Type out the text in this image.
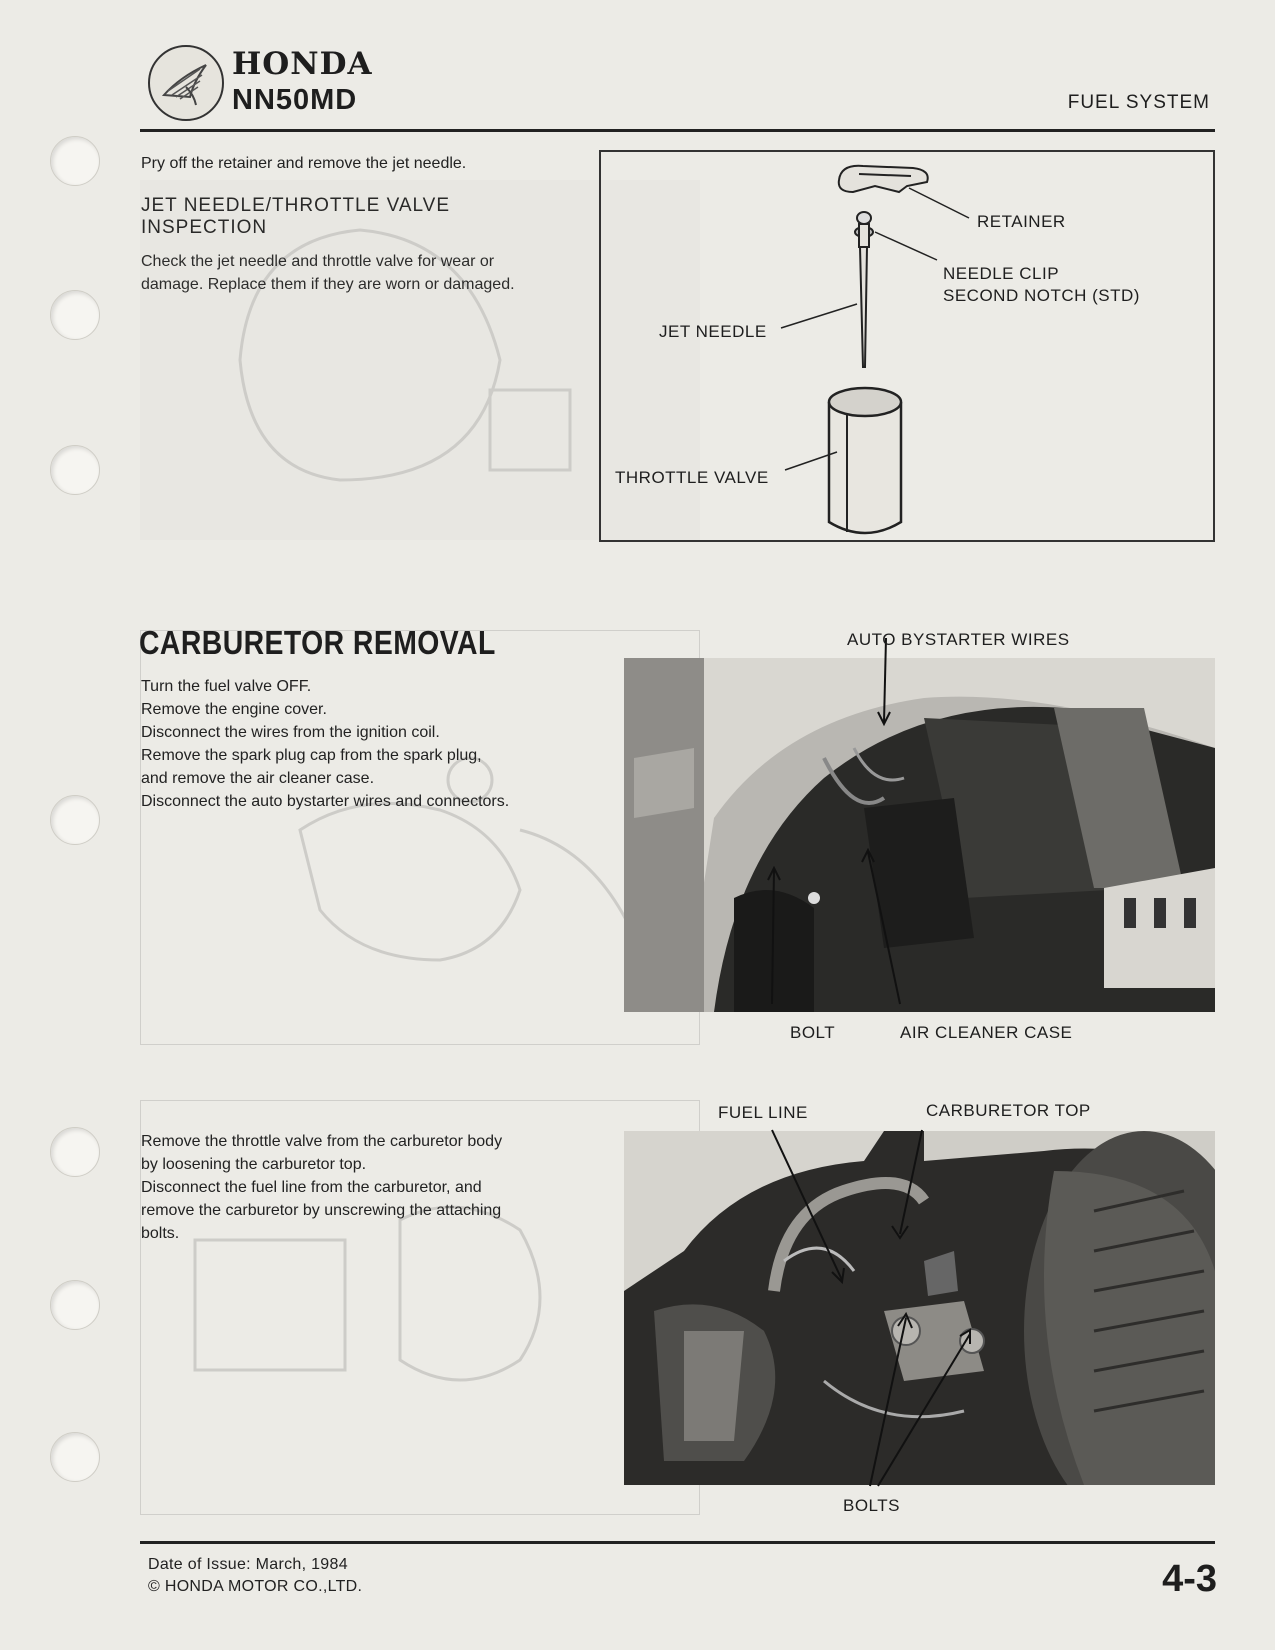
HONDA
NN50MD	FUEL SYSTEM
Pry off the retainer and remove the jet needle.
JET NEEDLE/THROTTLE VALVE
INSPECTION
Check the jet needle and throttle valve for wear or
damage. Replace them if they are worn or damaged.
RETAINER
NEEDLE CLIP
SECOND NOTCH (STD)
JET NEEDLE
THROTTLE VALVE
CARBURETOR REMOVAL
Turn the fuel valve OFF.
Remove the engine cover.
Disconnect the wires from the ignition coil.
Remove the spark plug cap from the spark plug,
and remove the air cleaner case.
Disconnect the auto bystarter wires and connectors.
AUTO BYSTARTER WIRES
BOLT	AIR CLEANER CASE
Remove the throttle valve from the carburetor body
by loosening the carburetor top.
Disconnect the fuel line from the carburetor, and
remove the carburetor by unscrewing the attaching
bolts.
FUEL LINE	CARBURETOR TOP
BOLTS
Date of Issue: March, 1984
© HONDA MOTOR CO.,LTD.	4-3
